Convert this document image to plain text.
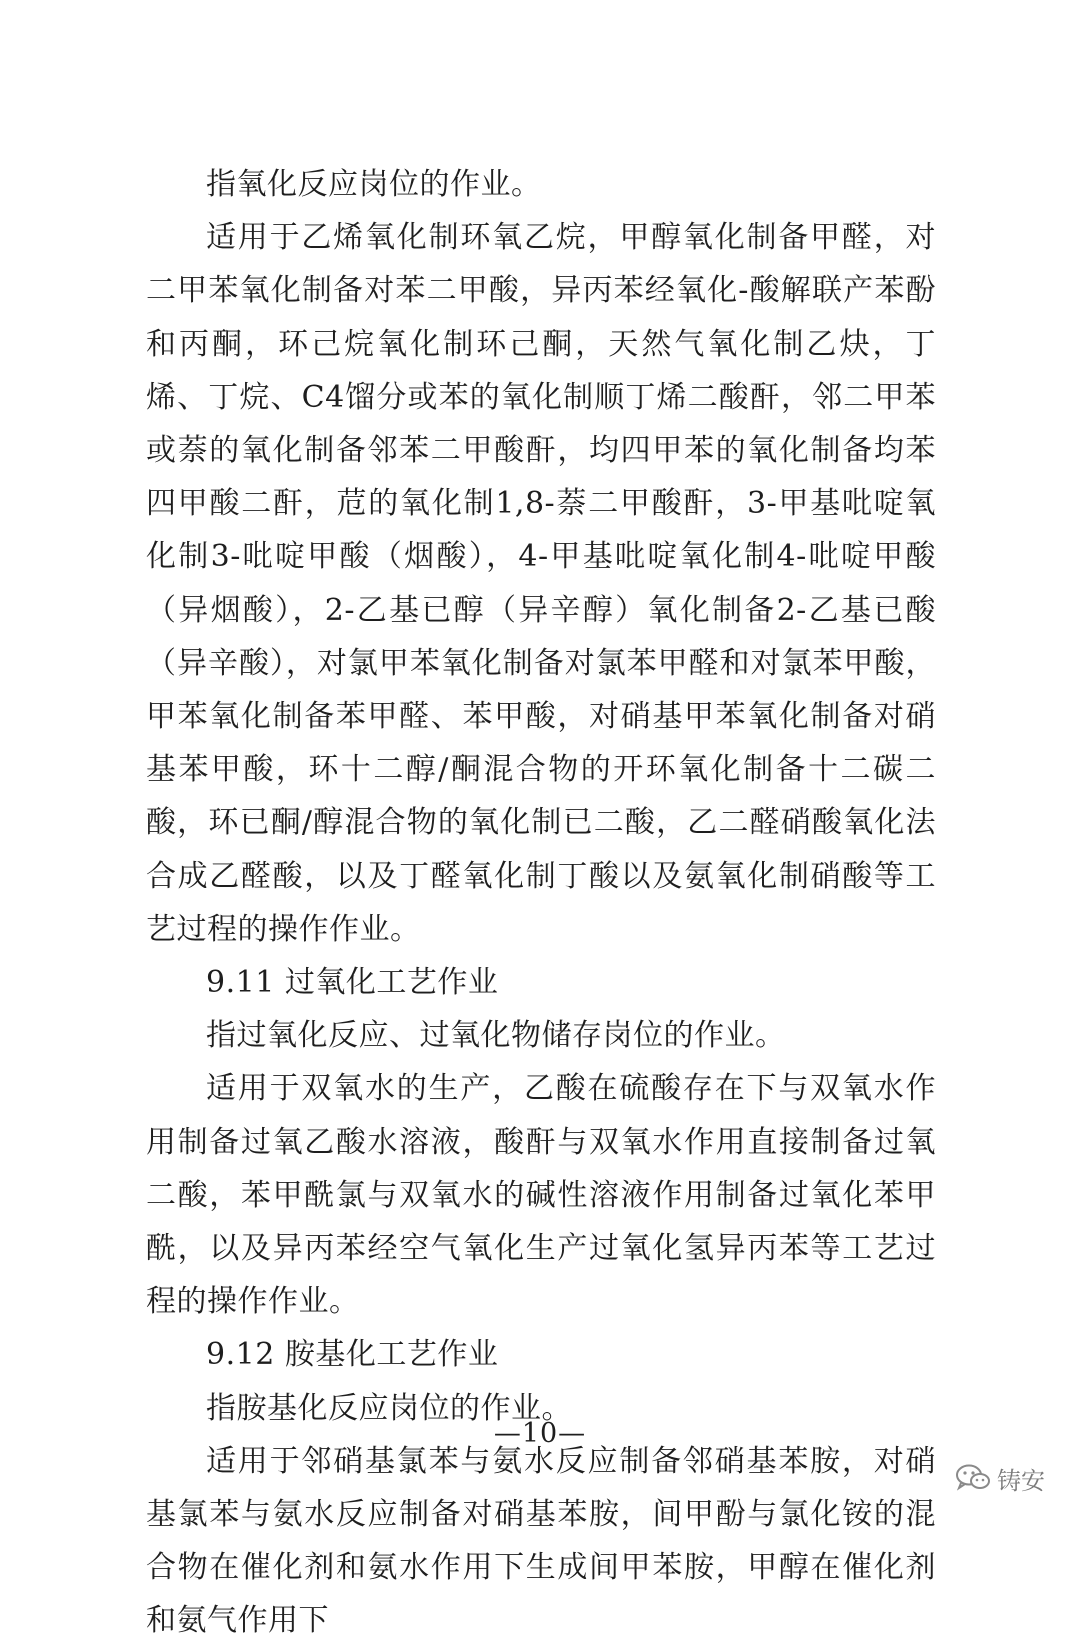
指氧化反应岗位的作业。

适用于乙烯氧化制环氧乙烷，甲醇氧化制备甲醛，对二甲苯氧化制备对苯二甲酸，异丙苯经氧化-酸解联产苯酚和丙酮，环己烷氧化制环己酮，天然气氧化制乙炔，丁烯、丁烷、C4馏分或苯的氧化制顺丁烯二酸酐，邻二甲苯或萘的氧化制备邻苯二甲酸酐，均四甲苯的氧化制备均苯四甲酸二酐，苊的氧化制1,8-萘二甲酸酐，3-甲基吡啶氧化制3-吡啶甲酸（烟酸），4-甲基吡啶氧化制4-吡啶甲酸（异烟酸），2-乙基已醇（异辛醇）氧化制备2-乙基已酸（异辛酸），对氯甲苯氧化制备对氯苯甲醛和对氯苯甲酸，甲苯氧化制备苯甲醛、苯甲酸，对硝基甲苯氧化制备对硝基苯甲酸，环十二醇/酮混合物的开环氧化制备十二碳二酸，环已酮/醇混合物的氧化制已二酸，乙二醛硝酸氧化法合成乙醛酸，以及丁醛氧化制丁酸以及氨氧化制硝酸等工艺过程的操作作业。

9.11 过氧化工艺作业

指过氧化反应、过氧化物储存岗位的作业。

适用于双氧水的生产，乙酸在硫酸存在下与双氧水作用制备过氧乙酸水溶液，酸酐与双氧水作用直接制备过氧二酸，苯甲酰氯与双氧水的碱性溶液作用制备过氧化苯甲酰，以及异丙苯经空气氧化生产过氧化氢异丙苯等工艺过程的操作作业。

9.12 胺基化工艺作业

指胺基化反应岗位的作业。

适用于邻硝基氯苯与氨水反应制备邻硝基苯胺，对硝基氯苯与氨水反应制备对硝基苯胺，间甲酚与氯化铵的混合物在催化剂和氨水作用下生成间甲苯胺，甲醇在催化剂和氨气作用下

—10—
铸安
